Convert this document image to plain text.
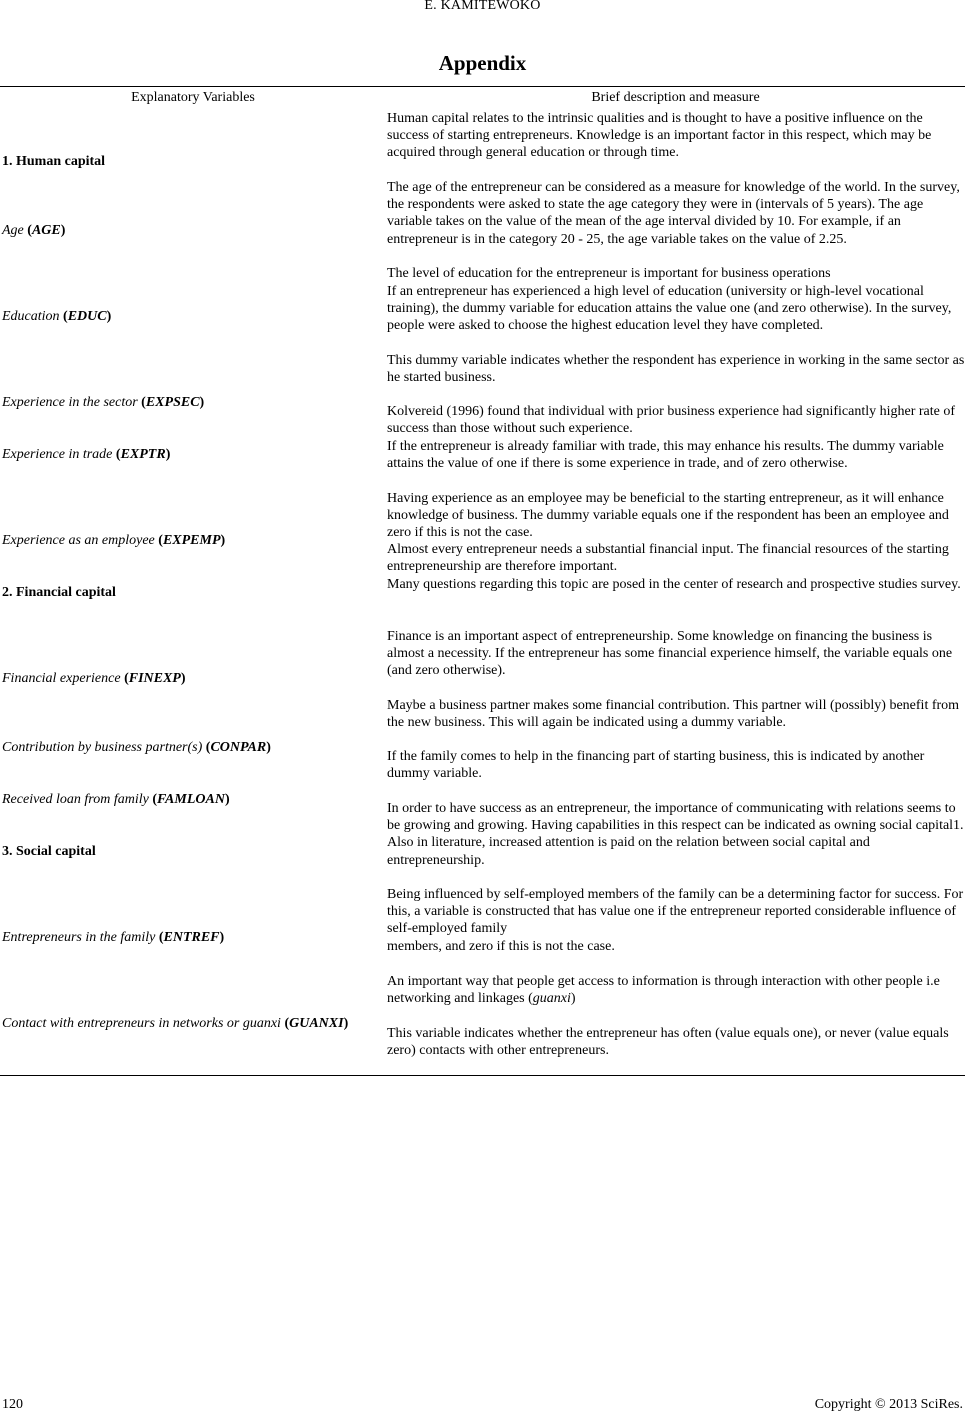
E. KAMITEWOKO
Appendix
Explanatory Variables	Brief description and measure
1. Human capital
Age (AGE)
Education (EDUC)
Experience in the sector (EXPSEC)
Experience in trade (EXPTR)
Experience as an employee (EXPEMP)
2. Financial capital
Financial experience (FINEXP)
Contribution by business partner(s) (CONPAR)
Received loan from family (FAMLOAN)
3. Social capital
Entrepreneurs in the family (ENTREF)
Contact with entrepreneurs in networks or guanxi (GUANXI)
Human capital relates to the intrinsic qualities and is thought to have a positive influence on the success of starting entrepreneurs. Knowledge is an important factor in this respect, which may be acquired through general education or through time.
The age of the entrepreneur can be considered as a measure for knowledge of the world. In the survey, the respondents were asked to state the age category they were in (intervals of 5 years). The age variable takes on the value of the mean of the age interval divided by 10. For example, if an entrepreneur is in the category 20 - 25, the age variable takes on the value of 2.25.
The level of education for the entrepreneur is important for business operations
If an entrepreneur has experienced a high level of education (university or high-level vocational training), the dummy variable for education attains the value one (and zero otherwise). In the survey, people were asked to choose the highest education level they have completed.
This dummy variable indicates whether the respondent has experience in working in the same sector as he started business.
Kolvereid (1996) found that individual with prior business experience had significantly higher rate of success than those without such experience.
If the entrepreneur is already familiar with trade, this may enhance his results. The dummy variable attains the value of one if there is some experience in trade, and of zero otherwise.
Having experience as an employee may be beneficial to the starting entrepreneur, as it will enhance knowledge of business. The dummy variable equals one if the respondent has been an employee and zero if this is not the case.
Almost every entrepreneur needs a substantial financial input. The financial resources of the starting entrepreneurship are therefore important.
Many questions regarding this topic are posed in the center of research and prospective studies survey.
Finance is an important aspect of entrepreneurship. Some knowledge on financing the business is almost a necessity. If the entrepreneur has some financial experience himself, the variable equals one (and zero otherwise).
Maybe a business partner makes some financial contribution. This partner will (possibly) benefit from the new business. This will again be indicated using a dummy variable.
If the family comes to help in the financing part of starting business, this is indicated by another dummy variable.
In order to have success as an entrepreneur, the importance of communicating with relations seems to be growing and growing. Having capabilities in this respect can be indicated as owning social capital1. Also in literature, increased attention is paid on the relation between social capital and entrepreneurship.
Being influenced by self-employed members of the family can be a determining factor for success. For this, a variable is constructed that has value one if the entrepreneur reported considerable influence of self-employed family
members, and zero if this is not the case.
An important way that people get access to information is through interaction with other people i.e networking and linkages (guanxi)
This variable indicates whether the entrepreneur has often (value equals one), or never (value equals zero) contacts with other entrepreneurs.
120	Copyright © 2013 SciRes.
